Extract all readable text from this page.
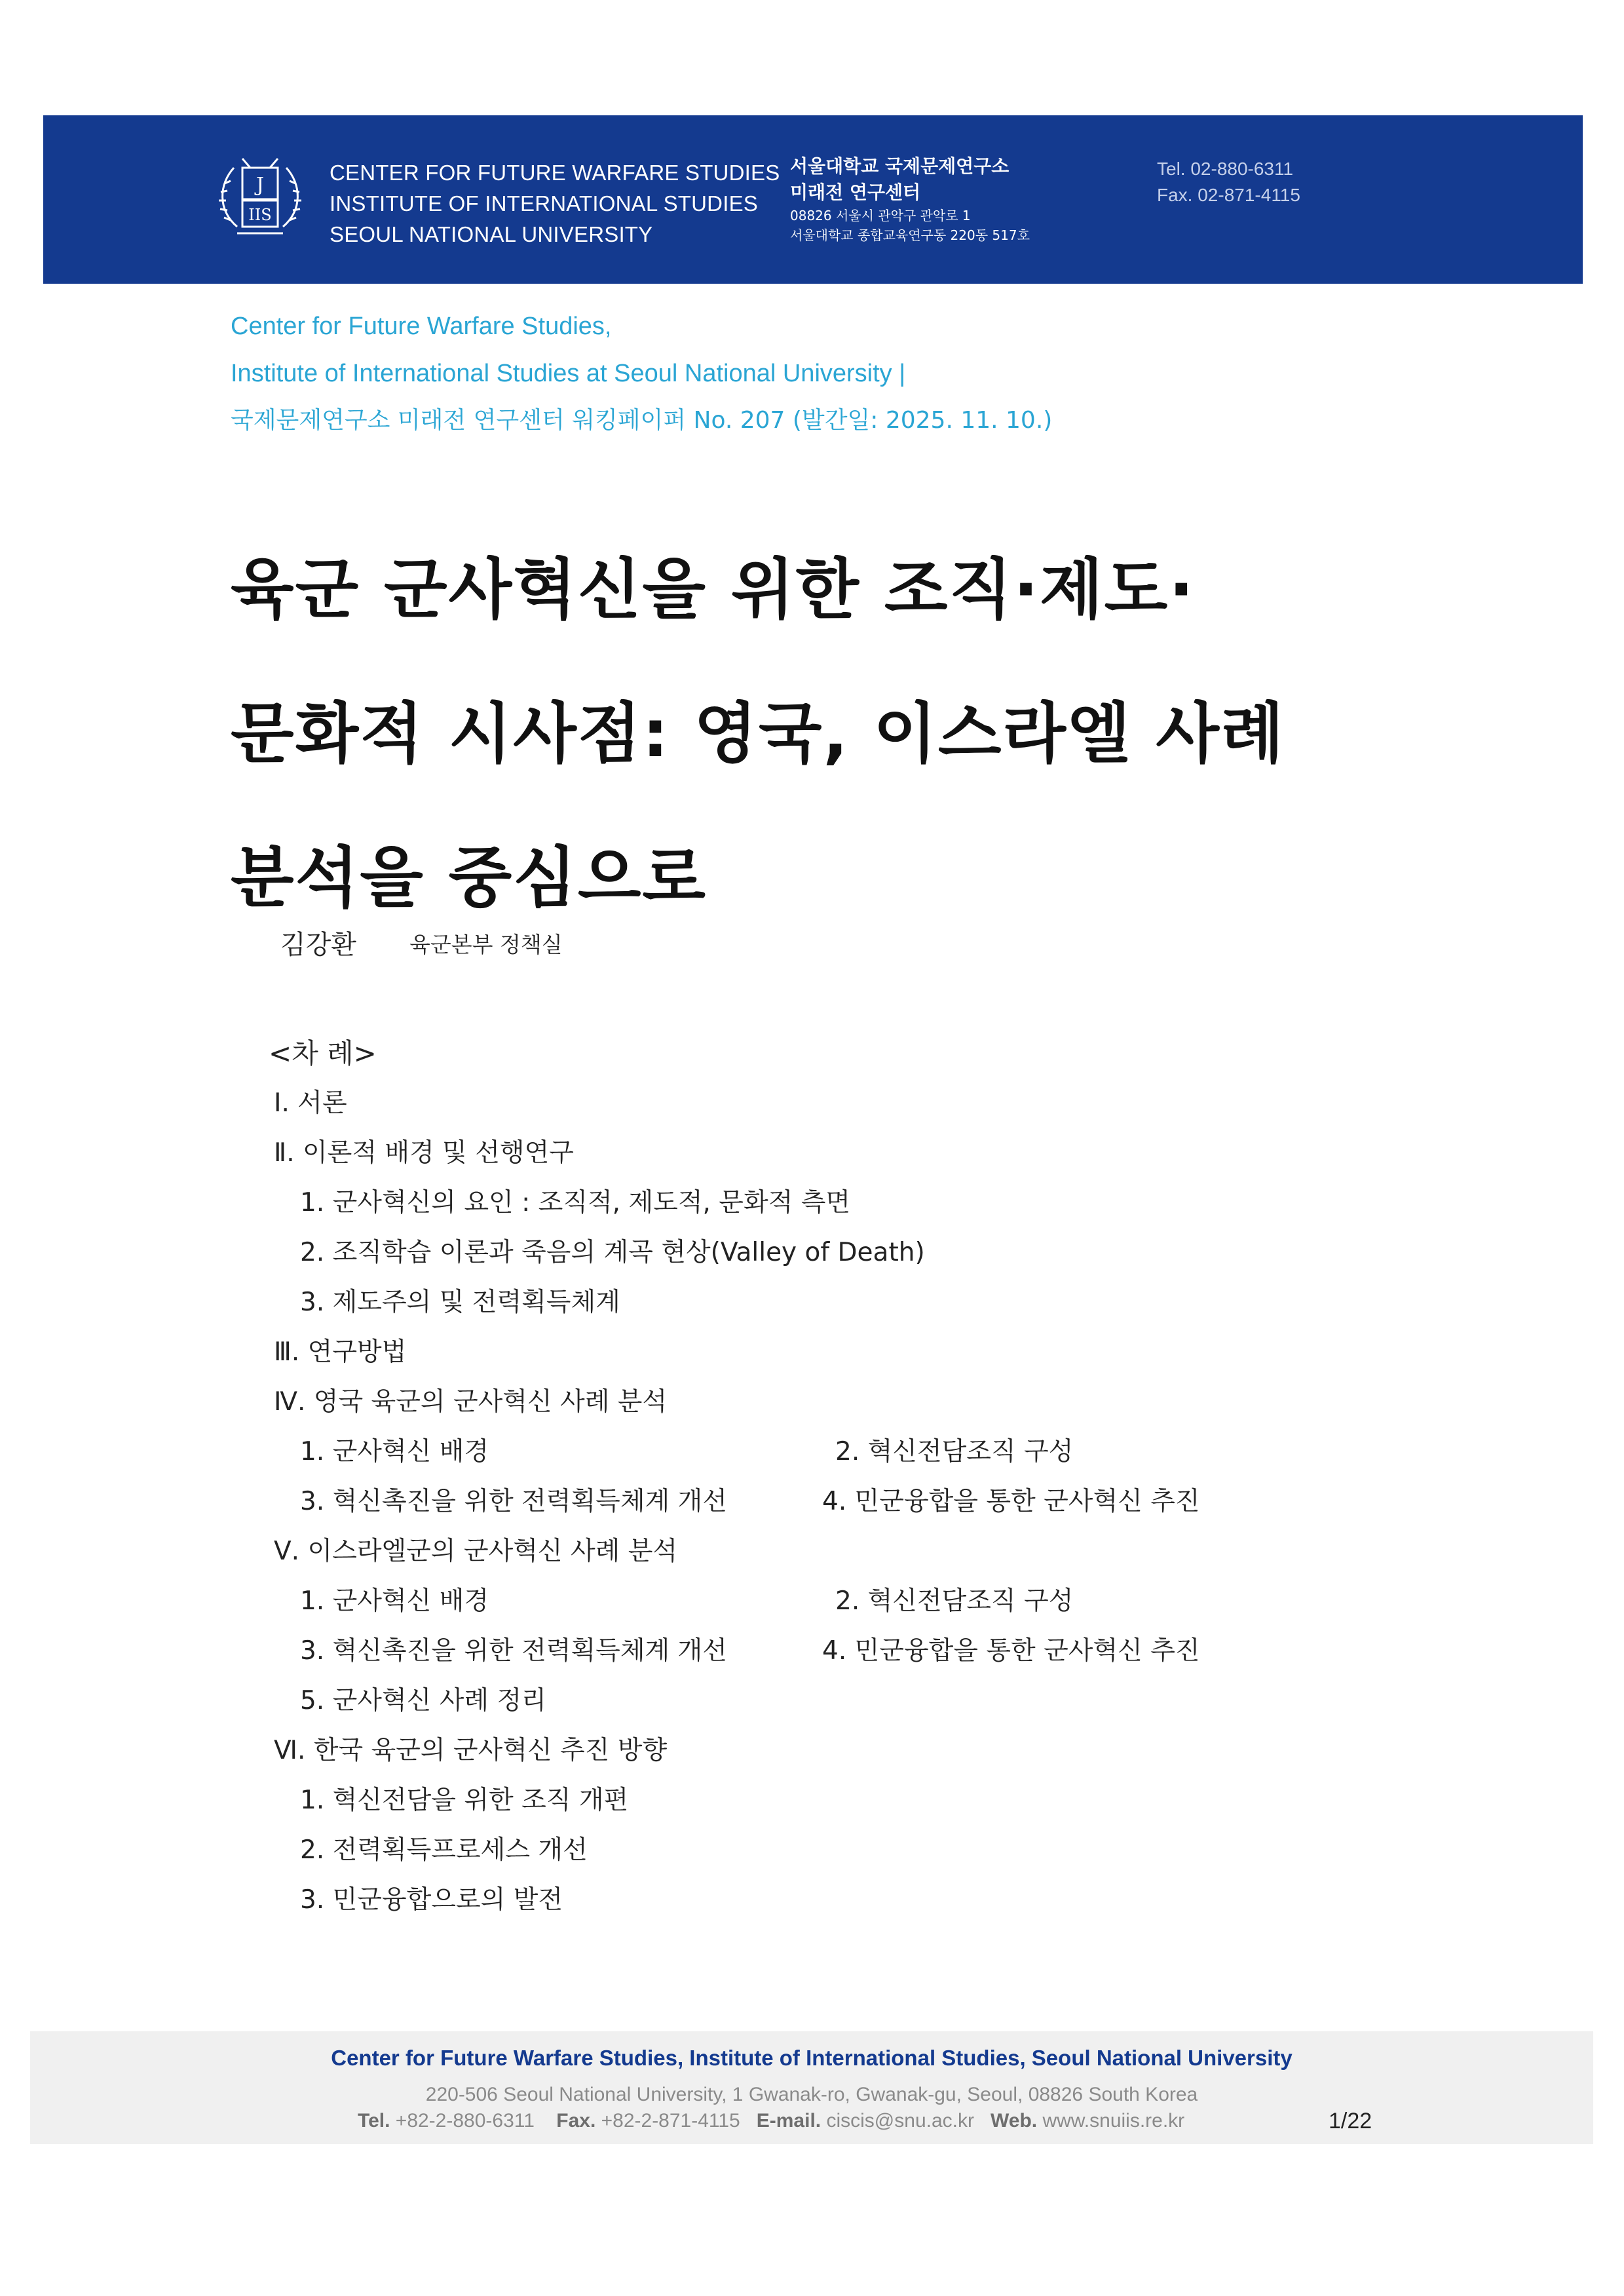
J
IIS
CENTER FOR FUTURE WARFARE STUDIES
INSTITUTE OF INTERNATIONAL STUDIES
SEOUL NATIONAL UNIVERSITY
서울대학교 국제문제연구소
미래전 연구센터
08826 서울시 관악구 관악로 1
서울대학교 종합교육연구동 220동 517호
Tel. 02-880-6311
Fax. 02-871-4115
Center for Future Warfare Studies,
Institute of International Studies at Seoul National University |
국제문제연구소 미래전 연구센터 워킹페이퍼 No. 207 (발간일: 2025. 11. 10.)
육군 군사혁신을 위한 조직·제도·
문화적 시사점: 영국, 이스라엘 사례
분석을 중심으로
김강환 육군본부 정책실
<차 례>
Ⅰ. 서론
Ⅱ. 이론적 배경 및 선행연구
1. 군사혁신의 요인 : 조직적, 제도적, 문화적 측면
2. 조직학습 이론과 죽음의 계곡 현상(Valley of Death)
3. 제도주의 및 전력획득체계
Ⅲ. 연구방법
Ⅳ. 영국 육군의 군사혁신 사례 분석
1. 군사혁신 배경	2. 혁신전담조직 구성
3. 혁신촉진을 위한 전력획득체계 개선	4. 민군융합을 통한 군사혁신 추진
Ⅴ. 이스라엘군의 군사혁신 사례 분석
1. 군사혁신 배경	2. 혁신전담조직 구성
3. 혁신촉진을 위한 전력획득체계 개선	4. 민군융합을 통한 군사혁신 추진
5. 군사혁신 사례 정리
Ⅵ. 한국 육군의 군사혁신 추진 방향
1. 혁신전담을 위한 조직 개편
2. 전력획득프로세스 개선
3. 민군융합으로의 발전
Center for Future Warfare Studies, Institute of International Studies, Seoul National University
220-506 Seoul National University, 1 Gwanak-ro, Gwanak-gu, Seoul, 08826 South Korea
Tel. +82-2-880-6311 Fax. +82-2-871-4115 E-mail. ciscis@snu.ac.kr Web. www.snuiis.re.kr	1/22
